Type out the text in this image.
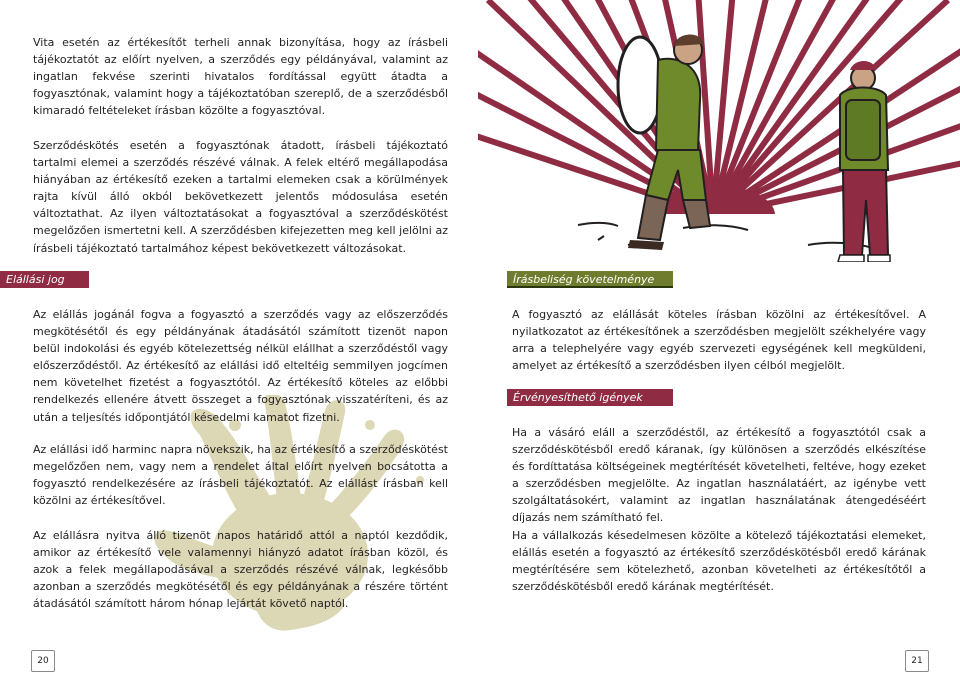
Vita esetén az értékesítőt terheli annak bizonyítása, hogy az írásbeli tájékoztatót az előírt nyelven, a szerződés egy példányával, valamint az ingatlan fekvése szerinti hivatalos fordítással együtt átadta a fogyasztónak, valamint hogy a tájékoztatóban szereplő, de a szerződésből kimaradó feltételeket írásban közölte a fogyasztóval.

Szerződéskötés esetén a fogyasztónak átadott, írásbeli tájékoztató tartalmi elemei a szerződés részévé válnak. A felek eltérő megállapodása hiányában az értékesítő ezeken a tartalmi elemeken csak a körülmények rajta kívül álló okból bekövetkezett jelentős módosulása esetén változtathat. Az ilyen változtatásokat a fogyasztóval a szerződéskötést megelőzően ismertetni kell. A szerződésben kifejezetten meg kell jelölni az írásbeli tájékoztató tartalmához képest bekövetkezett változásokat.

Elállási jog

Az elállás jogánál fogva a fogyasztó a szerződés vagy az előszerződés megkötésétől és egy példányának átadásától számított tizenöt napon belül indokolási és egyéb kötelezettség nélkül elállhat a szerződéstől vagy előszerződéstől. Az értékesítő az elállási idő elteltéig semmilyen jogcímen nem követelhet fizetést a fogyasztótól. Az értékesítő köteles az előbbi rendelkezés ellenére átvett összeget a fogyasztónak visszatéríteni, és az után a teljesítés időpontjától késedelmi kamatot fizetni.

Az elállási idő harminc napra növekszik, ha az értékesítő a szerződéskötést megelőzően nem, vagy nem a rendelet által előírt nyelven bocsátotta a fogyasztó rendelkezésére az írásbeli tájékoztatót. Az elállást írásban kell közölni az értékesítővel.

Az elállásra nyitva álló tizenöt napos határidő attól a naptól kezdődik, amikor az értékesítő vele valamennyi hiányzó adatot írásban közöl, és azok a felek megállapodásával a szerződés részévé válnak, legkésőbb azonban a szerződés megkötésétől és egy példányának a részére történt átadásától számított három hónap lejártát követő naptól.

20
Írásbeliség követelménye

A fogyasztó az elállását köteles írásban közölni az értékesítővel. A nyilatkozatot az értékesítőnek a szerződésben megjelölt székhelyére vagy arra a telephelyére vagy egyéb szervezeti egységének kell megküldeni, amelyet az értékesítő a szerződésben ilyen célból megjelölt.

Érvényesíthető igények

Ha a vásáró eláll a szerződéstől, az értékesítő a fogyasztótól csak a szerződéskötésből eredő káranak, így különösen a szerződés elkészítése és fordíttatása költségeinek megtérítését követelheti, feltéve, hogy ezeket a szerződésben megjelölte. Az ingatlan használatáért, az igénybe vett szolgáltatásokért, valamint az ingatlan használatának átengedéséért díjazás nem számítható fel.

Ha a vállalkozás késedelmesen közölte a kötelező tájékoztatási elemeket, elállás esetén a fogyasztó az értékesítő szerződéskötésből eredő kárának megtérítésére sem kötelezhető, azonban követelheti az értékesítőtől a szerződéskötésből eredő kárának megtérítését.

21
